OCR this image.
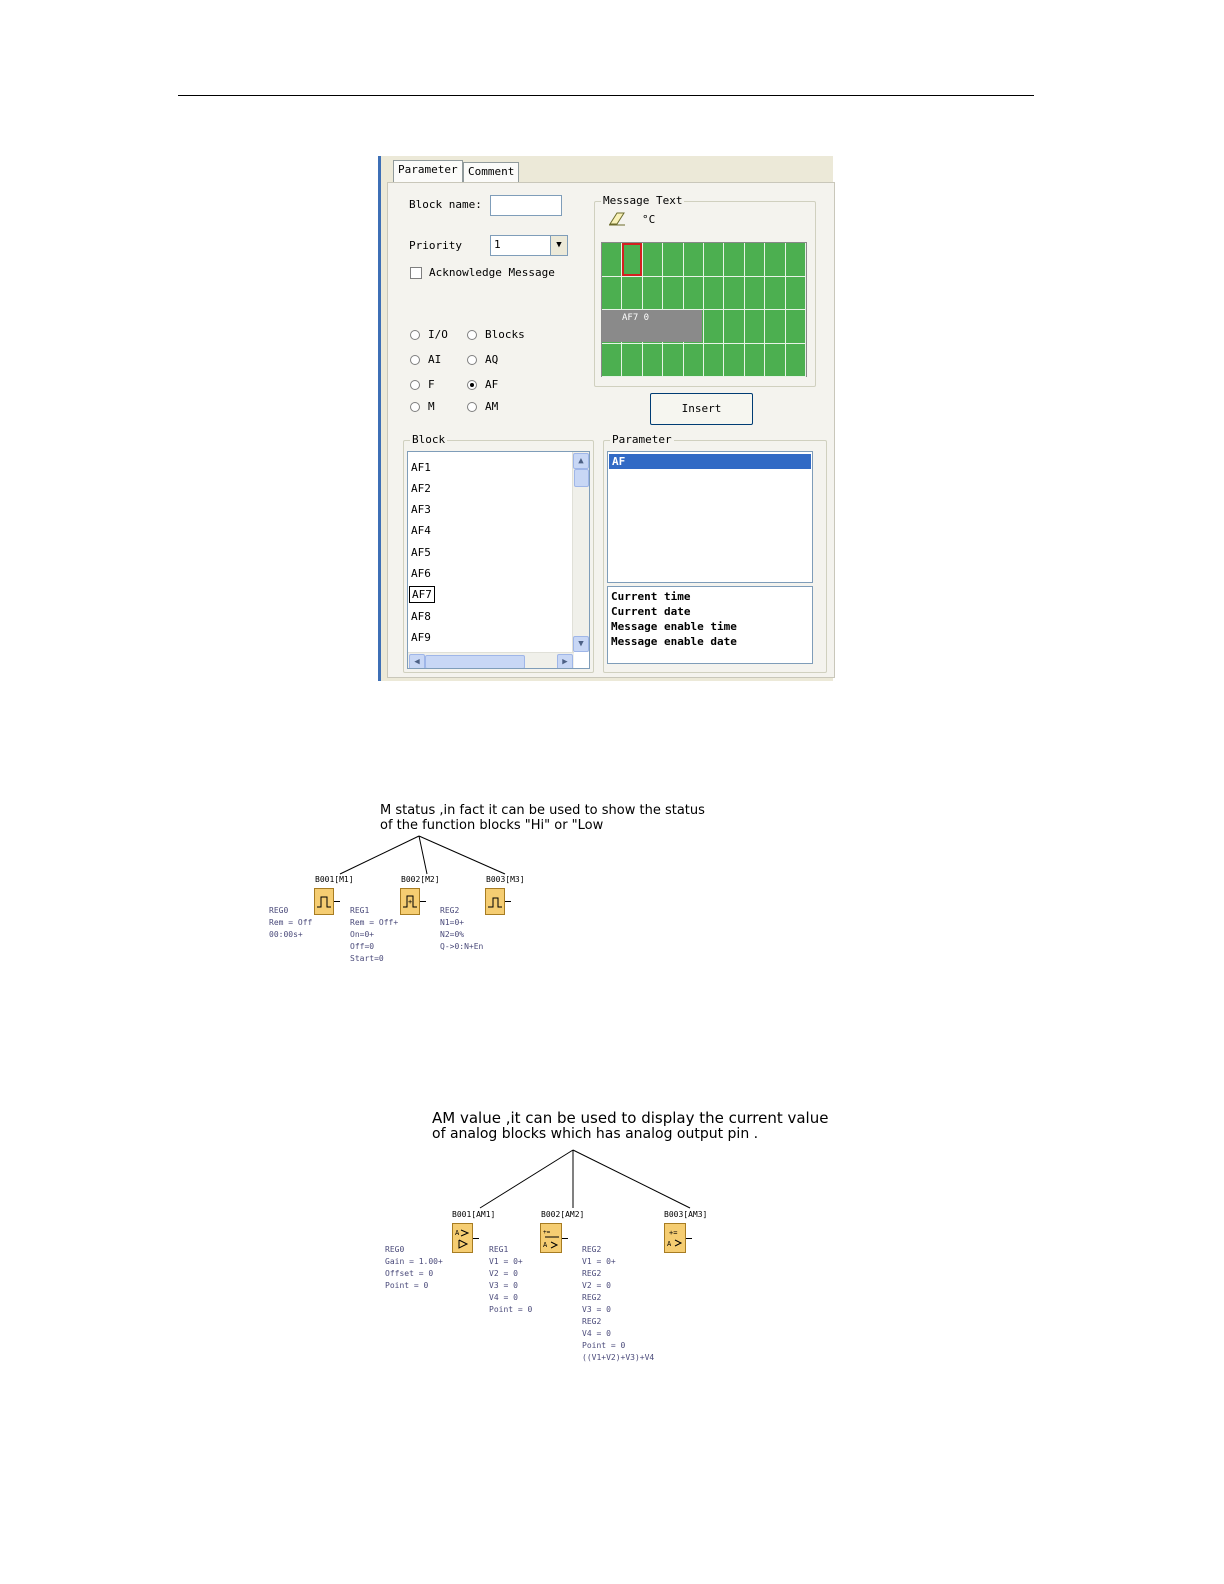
Parameter Comment
Block name:
Priority	1	▼
Acknowledge Message
I/O	Blocks
AI	AQ
F	AF
M	AM
Message Text
°C
AF7 0
Insert
Block
AF1
AF2
AF3
AF4
AF5
AF6
AF7
AF8
AF9
▲
▼
◀	▶
Parameter
AF
Current time
Current date
Message enable time
Message enable date
M status ,in fact it can be used to show the status
of the function blocks "Hi" or "Low
B001[M1]
REG0
Rem = Off
00:00s+
B002[M2]
+
REG1
Rem = Off+
On=0+
Off=0
Start=0
B003[M3]
REG2
N1=0+
N2=0%
Q->0:N+En
AM value ,it can be used to display the current value
of analog blocks which has analog output pin .
B001[AM1]
A
REG0
Gain = 1.00+
Offset = 0
Point = 0
B002[AM2]
+=
A
REG1
V1 = 0+
V2 = 0
V3 = 0
V4 = 0
Point = 0
B003[AM3]
+=
A
REG2
V1 = 0+
REG2
V2 = 0
REG2
V3 = 0
REG2
V4 = 0
Point = 0
((V1+V2)+V3)+V4
